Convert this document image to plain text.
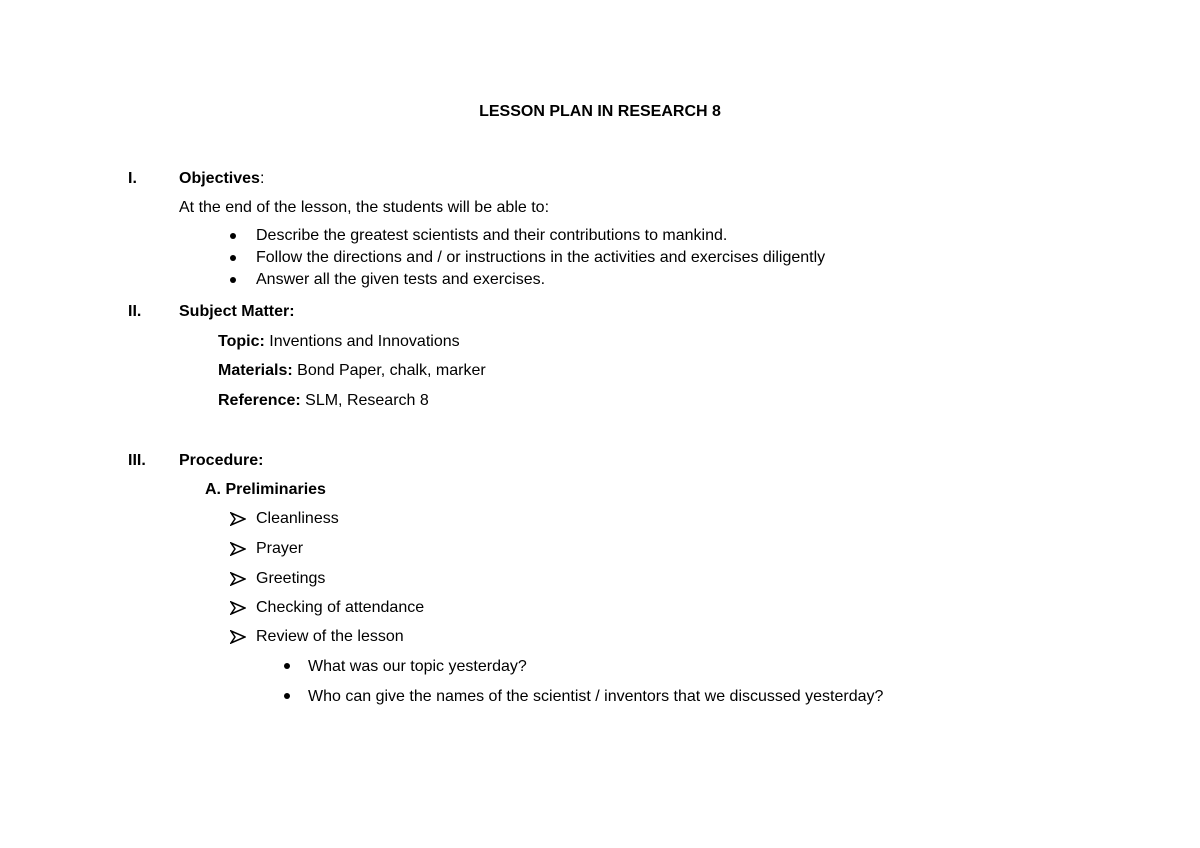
LESSON PLAN IN RESEARCH 8
I.	Objectives:
At the end of the lesson, the students will be able to:
Describe the greatest scientists and their contributions to mankind.
Follow the directions and / or instructions in the activities and exercises diligently
Answer all the given tests and exercises.
II. Subject Matter:
Topic: Inventions and Innovations
Materials: Bond Paper, chalk, marker
Reference: SLM, Research 8
III. Procedure:
A. Preliminaries
Cleanliness
Prayer
Greetings
Checking of attendance
Review of the lesson
What was our topic yesterday?
Who can give the names of the scientist / inventors that we discussed yesterday?
